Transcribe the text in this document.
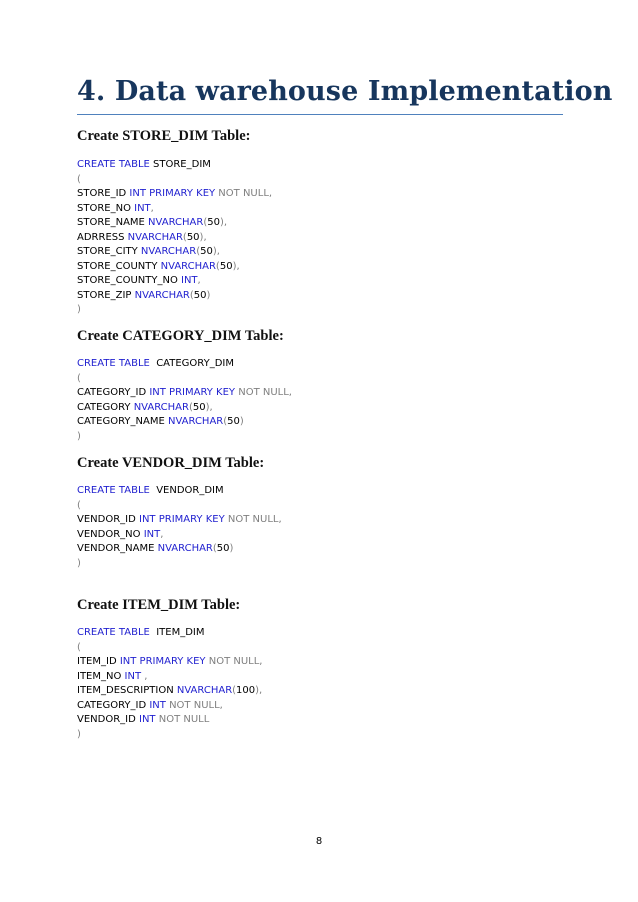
4. Data warehouse Implementation
Create STORE_DIM Table:
CREATE TABLE STORE_DIM
(
STORE_ID INT PRIMARY KEY NOT NULL,
STORE_NO INT,
STORE_NAME NVARCHAR(50),
ADRRESS NVARCHAR(50),
STORE_CITY NVARCHAR(50),
STORE_COUNTY NVARCHAR(50),
STORE_COUNTY_NO INT,
STORE_ZIP NVARCHAR(50)
)
Create CATEGORY_DIM Table:
CREATE TABLE  CATEGORY_DIM
(
CATEGORY_ID INT PRIMARY KEY NOT NULL,
CATEGORY NVARCHAR(50),
CATEGORY_NAME NVARCHAR(50)
)
Create VENDOR_DIM Table:
CREATE TABLE  VENDOR_DIM
(
VENDOR_ID INT PRIMARY KEY NOT NULL,
VENDOR_NO INT,
VENDOR_NAME NVARCHAR(50)
)
Create ITEM_DIM Table:
CREATE TABLE  ITEM_DIM
(
ITEM_ID INT PRIMARY KEY NOT NULL,
ITEM_NO INT ,
ITEM_DESCRIPTION NVARCHAR(100),
CATEGORY_ID INT NOT NULL,
VENDOR_ID INT NOT NULL
)
8
